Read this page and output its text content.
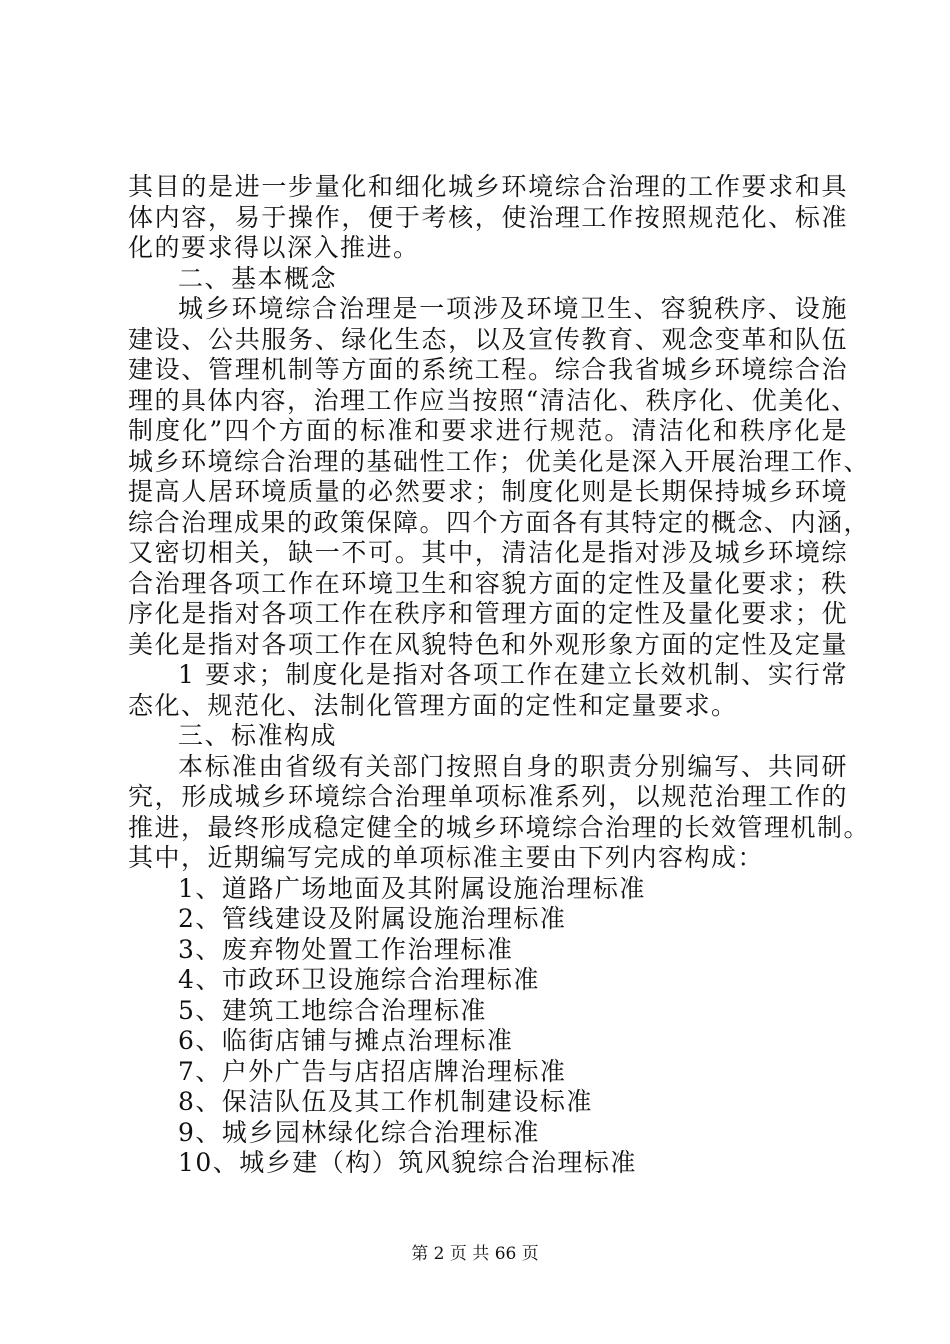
其目的是进一步量化和细化城乡环境综合治理的工作要求和具
体内容，易于操作，便于考核，使治理工作按照规范化、标准
化的要求得以深入推进。
二、基本概念
城乡环境综合治理是一项涉及环境卫生、容貌秩序、设施
建设、公共服务、绿化生态，以及宣传教育、观念变革和队伍
建设、管理机制等方面的系统工程。综合我省城乡环境综合治
理的具体内容，治理工作应当按照“清洁化、秩序化、优美化、
制度化”四个方面的标准和要求进行规范。清洁化和秩序化是
城乡环境综合治理的基础性工作；优美化是深入开展治理工作、
提高人居环境质量的必然要求；制度化则是长期保持城乡环境
综合治理成果的政策保障。四个方面各有其特定的概念、内涵，
又密切相关，缺一不可。其中，清洁化是指对涉及城乡环境综
合治理各项工作在环境卫生和容貌方面的定性及量化要求；秩
序化是指对各项工作在秩序和管理方面的定性及量化要求；优
美化是指对各项工作在风貌特色和外观形象方面的定性及定量
1 要求；制度化是指对各项工作在建立长效机制、实行常
态化、规范化、法制化管理方面的定性和定量要求。
三、标准构成
本标准由省级有关部门按照自身的职责分别编写、共同研
究，形成城乡环境综合治理单项标准系列，以规范治理工作的
推进，最终形成稳定健全的城乡环境综合治理的长效管理机制。
其中，近期编写完成的单项标准主要由下列内容构成：
1、道路广场地面及其附属设施治理标准
2、管线建设及附属设施治理标准
3、废弃物处置工作治理标准
4、市政环卫设施综合治理标准
5、建筑工地综合治理标准
6、临街店铺与摊点治理标准
7、户外广告与店招店牌治理标准
8、保洁队伍及其工作机制建设标准
9、城乡园林绿化综合治理标准
10、城乡建（构）筑风貌综合治理标准
第 2 页 共 66 页
